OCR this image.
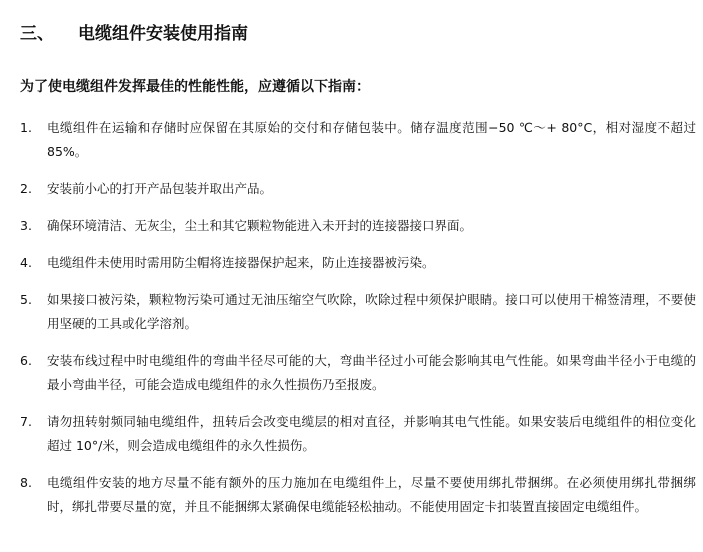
三、 电缆组件安装使用指南
为了使电缆组件发挥最佳的性能性能，应遵循以下指南：
1. 电缆组件在运输和存储时应保留在其原始的交付和存储包装中。储存温度范围−50 ℃～+ 80°C，相对湿度不超过 85%。
2. 安装前小心的打开产品包装并取出产品。
3. 确保环境清洁、无灰尘，尘土和其它颗粒物能进入未开封的连接器接口界面。
4. 电缆组件未使用时需用防尘帽将连接器保护起来，防止连接器被污染。
5. 如果接口被污染，颗粒物污染可通过无油压缩空气吹除，吹除过程中须保护眼睛。接口可以使用干棉签清理，不要使用坚硬的工具或化学溶剂。
6. 安装布线过程中时电缆组件的弯曲半径尽可能的大，弯曲半径过小可能会影响其电气性能。如果弯曲半径小于电缆的最小弯曲半径，可能会造成电缆组件的永久性损伤乃至报废。
7. 请勿扭转射频同轴电缆组件，扭转后会改变电缆层的相对直径，并影响其电气性能。如果安装后电缆组件的相位变化超过 10°/米，则会造成电缆组件的永久性损伤。
8. 电缆组件安装的地方尽量不能有额外的压力施加在电缆组件上，尽量不要使用绑扎带捆绑。在必须使用绑扎带捆绑时，绑扎带要尽量的宽，并且不能捆绑太紧确保电缆能轻松抽动。不能使用固定卡扣装置直接固定电缆组件。
